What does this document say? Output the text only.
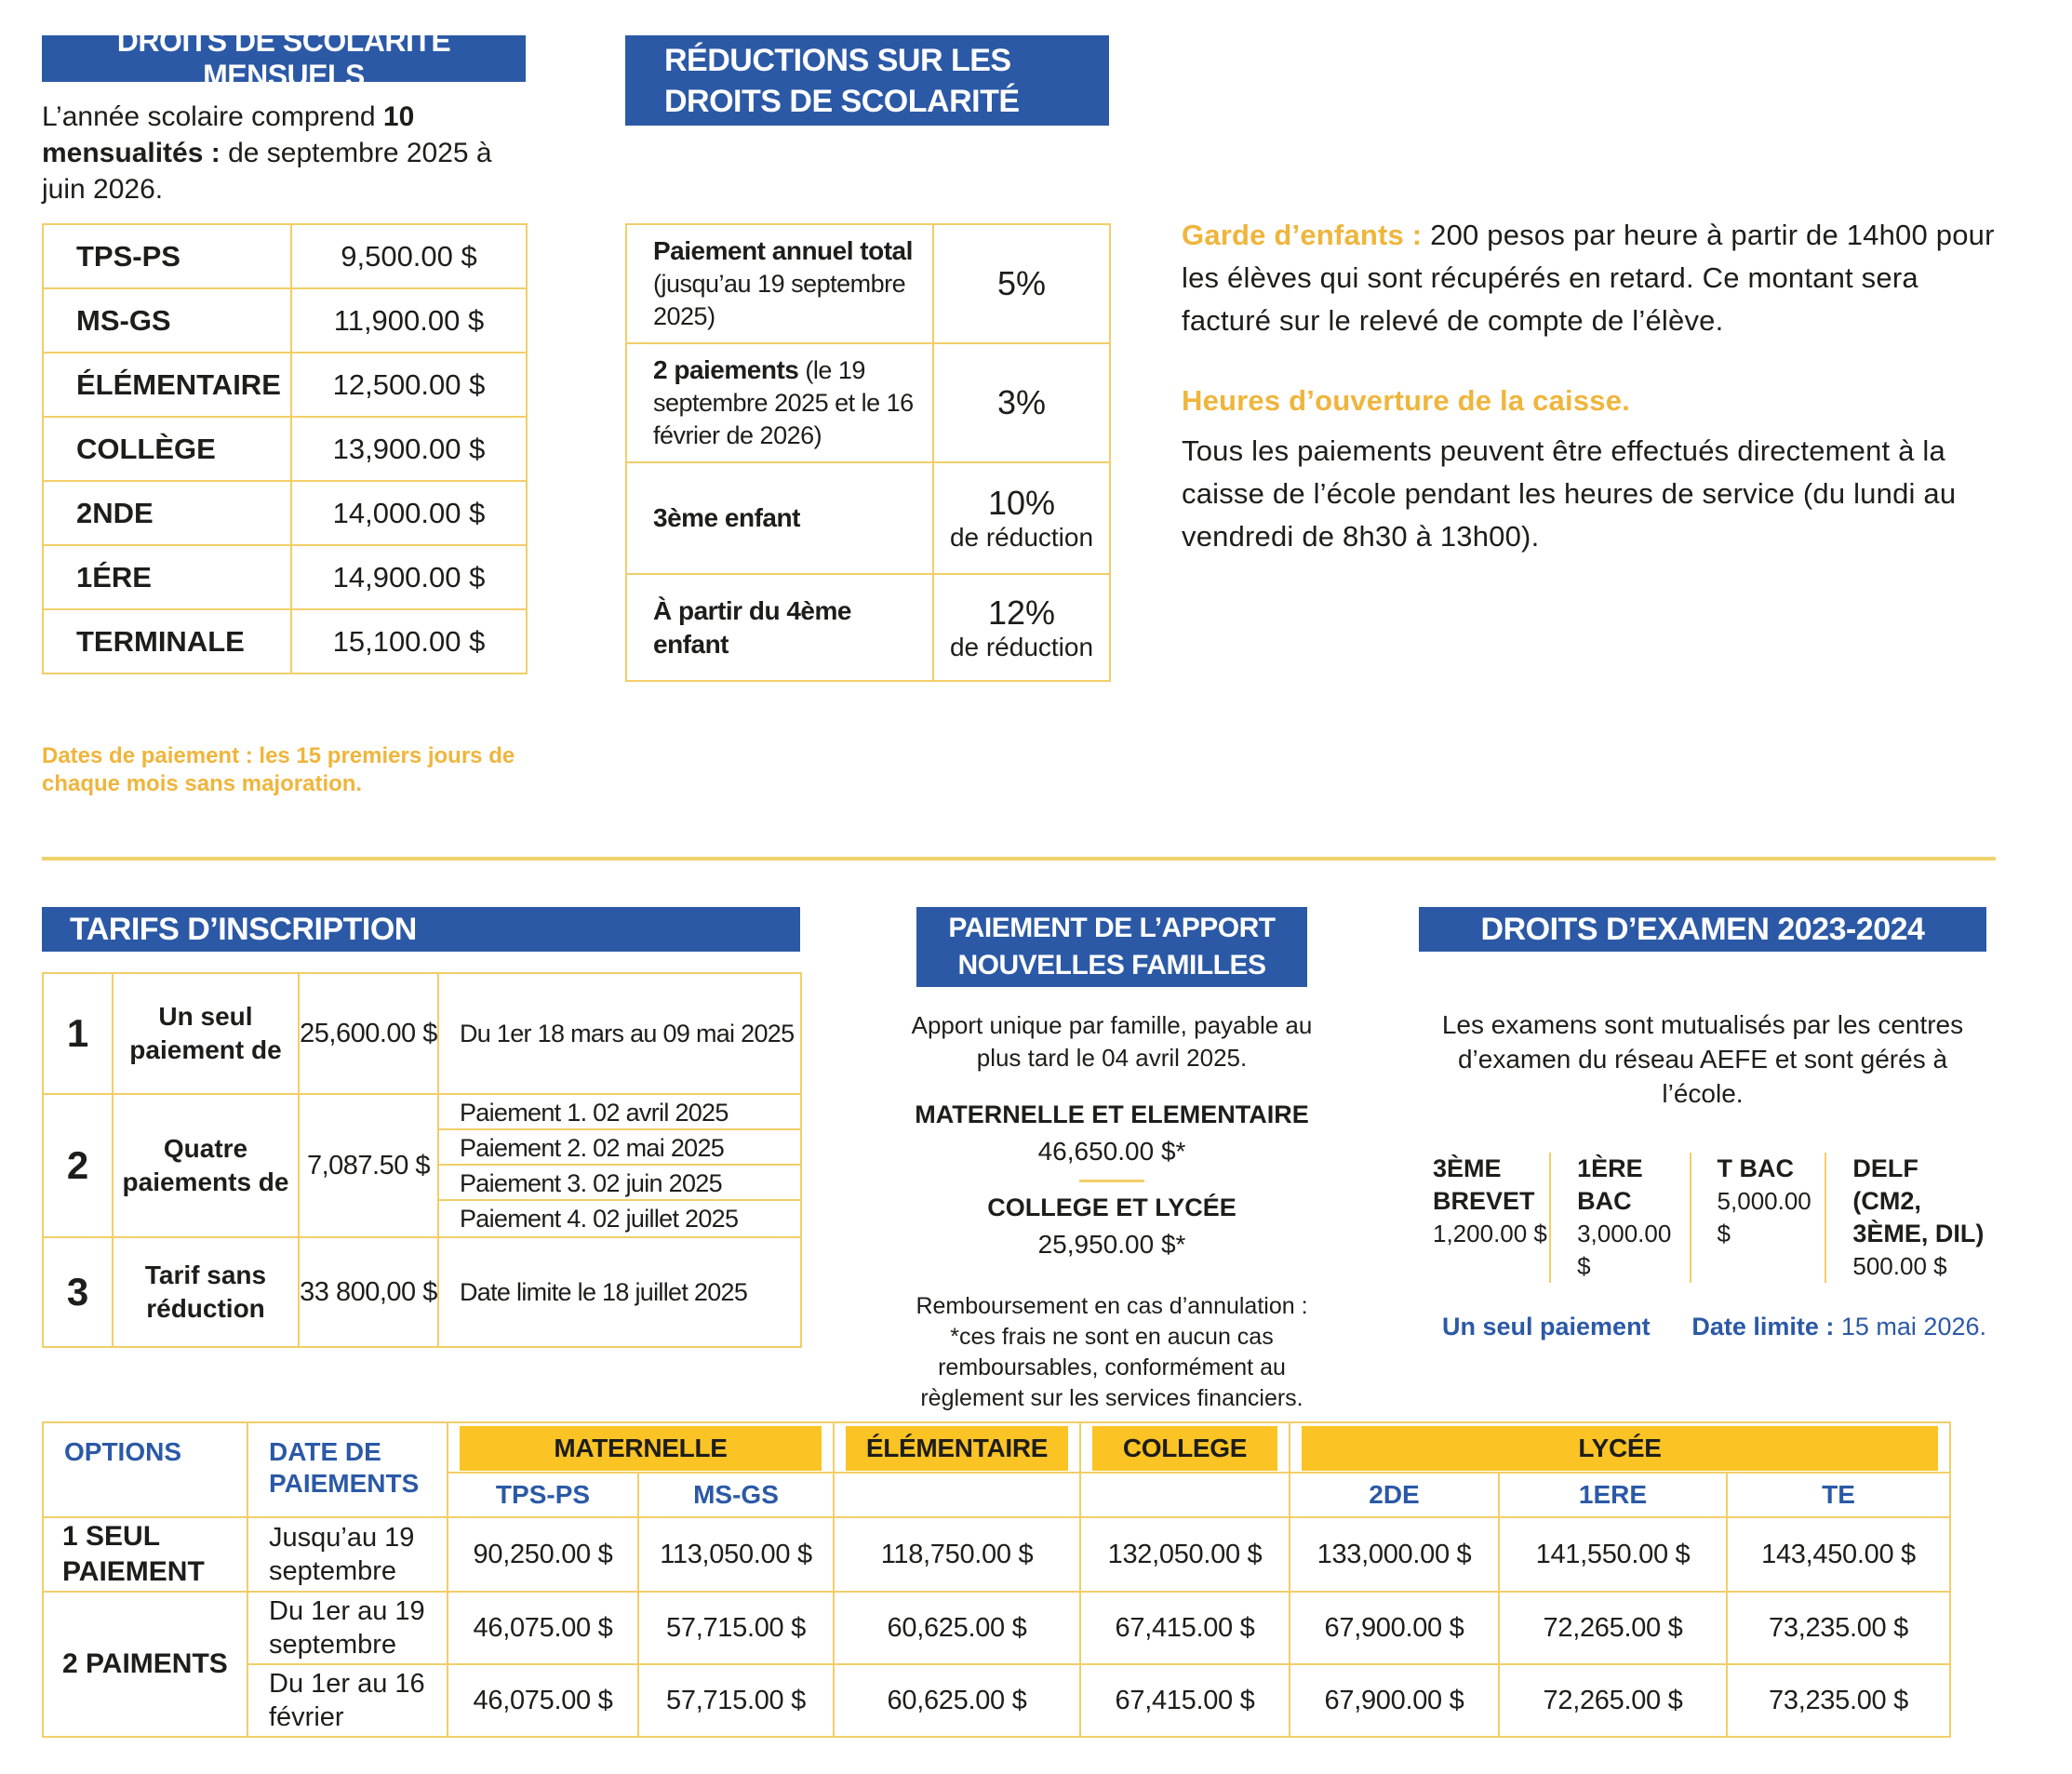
DROITS DE SCOLARITÉ MENSUELS

L’année scolaire comprend 10 mensualités : de septembre 2025 à juin 2026.

TPS-PS	9,500.00 $
MS-GS	11,900.00 $
ÉLÉMENTAIRE	12,500.00 $
COLLÈGE	13,900.00 $
2NDE	14,000.00 $
1ÉRE	14,900.00 $
TERMINALE	15,100.00 $

Dates de paiement : les 15 premiers jours de chaque mois sans majoration.

RÉDUCTIONS SUR LES
DROITS DE SCOLARITÉ
Paiement annuel total (jusqu’au 19 septembre 2025)	5%

2 paiements (le 19 septembre 2025 et le 16 février de 2026)	3%

3ème enfant	10%
de réduction

À partir du 4ème enfant	12%
de réduction

Garde d’enfants : 200 pesos par heure à partir de 14h00 pour les élèves qui sont récupérés en retard. Ce montant sera facturé sur le relevé de compte de l’élève.

Heures d’ouverture de la caisse.

Tous les paiements peuvent être effectués directement à la caisse de l’école pendant les heures de service (du lundi au vendredi de 8h30 à 13h00).

TARIFS D’INSCRIPTION
1	Un seul paiement de	25,600.00 $	Du 1er 18 mars au 09 mai 2025
2	Quatre paiements de	7,087.50 $	Paiement 1. 02 avril 2025
Paiement 2. 02 mai 2025
Paiement 3. 02 juin 2025
Paiement 4. 02 juillet 2025

3	Tarif sans réduction	33 800,00 $	Date limite le 18 juillet 2025
PAIEMENT DE L’APPORT
NOUVELLES FAMILLES

Apport unique par famille, payable au plus tard le 04 avril 2025.

MATERNELLE ET ELEMENTAIRE
46,650.00 $*
COLLEGE ET LYCÉE
25,950.00 $*

Remboursement en cas d’annulation : *ces frais ne sont en aucun cas remboursables, conformément au règlement sur les services financiers.

DROITS D’EXAMEN 2023-2024

Les examens sont mutualisés par les centres d’examen du réseau AEFE et sont gérés à l’école.

3ÈME BREVET
1,200.00 $
1ÈRE BAC
3,000.00 $
T BAC
5,000.00 $
DELF (CM2, 3ÈME, DIL)
500.00 $
Un seul paiement Date limite : 15 mai 2026.
OPTIONS	DATE DE PAIEMENTS	MATERNELLE		ÉLÉMENTAIRE	COLLEGE	LYCÉE		

		TPS-PS	MS-GS			2DE	1ERE	TE
1 SEUL PAIEMENT	Jusqu’au 19 septembre	90,250.00 $	113,050.00 $	118,750.00 $	132,050.00 $	133,000.00 $	141,550.00 $	143,450.00 $
2 PAIMENTS	Du 1er au 19 septembre	46,075.00 $	57,715.00 $	60,625.00 $	67,415.00 $	67,900.00 $	72,265.00 $	73,235.00 $
	Du 1er au 16 février	46,075.00 $	57,715.00 $	60,625.00 $	67,415.00 $	67,900.00 $	72,265.00 $	73,235.00 $
